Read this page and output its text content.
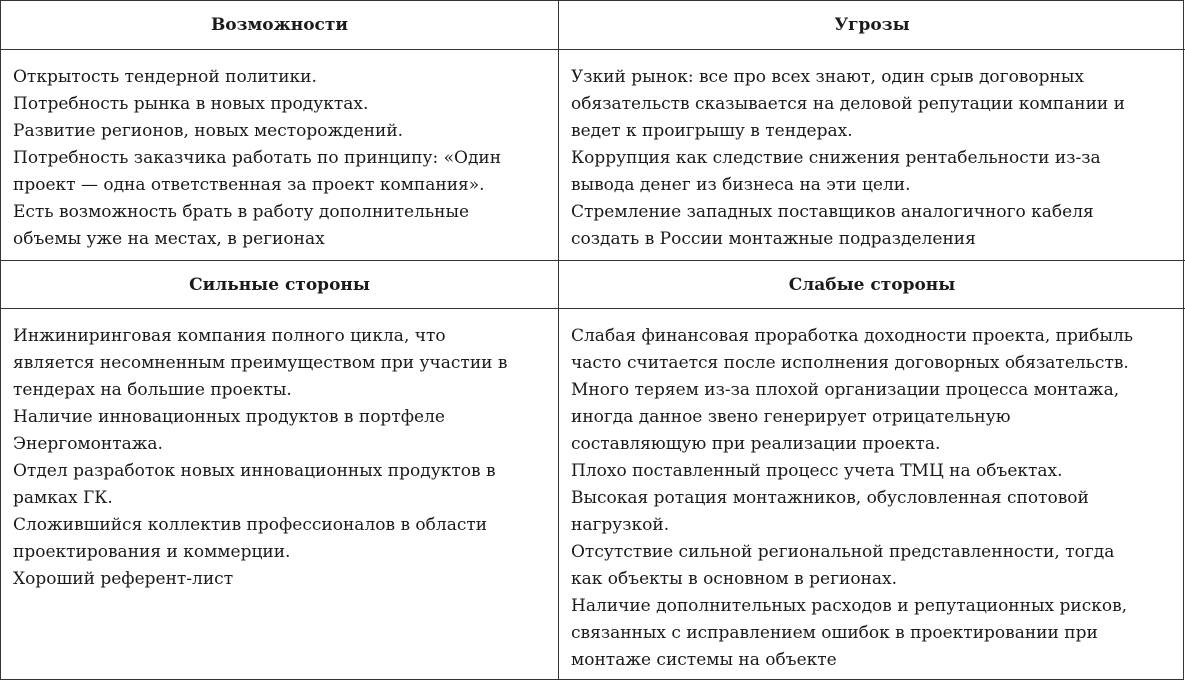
Возможности
Открытость тендерной политики.
Потребность рынка в новых продуктах.
Развитие регионов, новых месторождений.
Потребность заказчика работать по принципу: «Один
проект — одна ответственная за проект компания».
Есть возможность брать в работу дополнительные
объемы уже на местах, в регионах
Сильные стороны
Инжиниринговая компания полного цикла, что
является несомненным преимуществом при участии в
тендерах на большие проекты.
Наличие инновационных продуктов в портфеле
Энергомонтажа.
Отдел разработок новых инновационных продуктов в
рамках ГК.
Сложившийся коллектив профессионалов в области
проектирования и коммерции.
Хороший референт-лист
Угрозы
Узкий рынок: все про всех знают, один срыв договорных
обязательств сказывается на деловой репутации компании и
ведет к проигрышу в тендерах.
Коррупция как следствие снижения рентабельности из-за
вывода денег из бизнеса на эти цели.
Стремление западных поставщиков аналогичного кабеля
создать в России монтажные подразделения
Слабые стороны
Слабая финансовая проработка доходности проекта, прибыль
часто считается после исполнения договорных обязательств.
Много теряем из-за плохой организации процесса монтажа,
иногда данное звено генерирует отрицательную
составляющую при реализации проекта.
Плохо поставленный процесс учета ТМЦ на объектах.
Высокая ротация монтажников, обусловленная спотовой
нагрузкой.
Отсутствие сильной региональной представленности, тогда
как объекты в основном в регионах.
Наличие дополнительных расходов и репутационных рисков,
связанных с исправлением ошибок в проектировании при
монтаже системы на объекте
